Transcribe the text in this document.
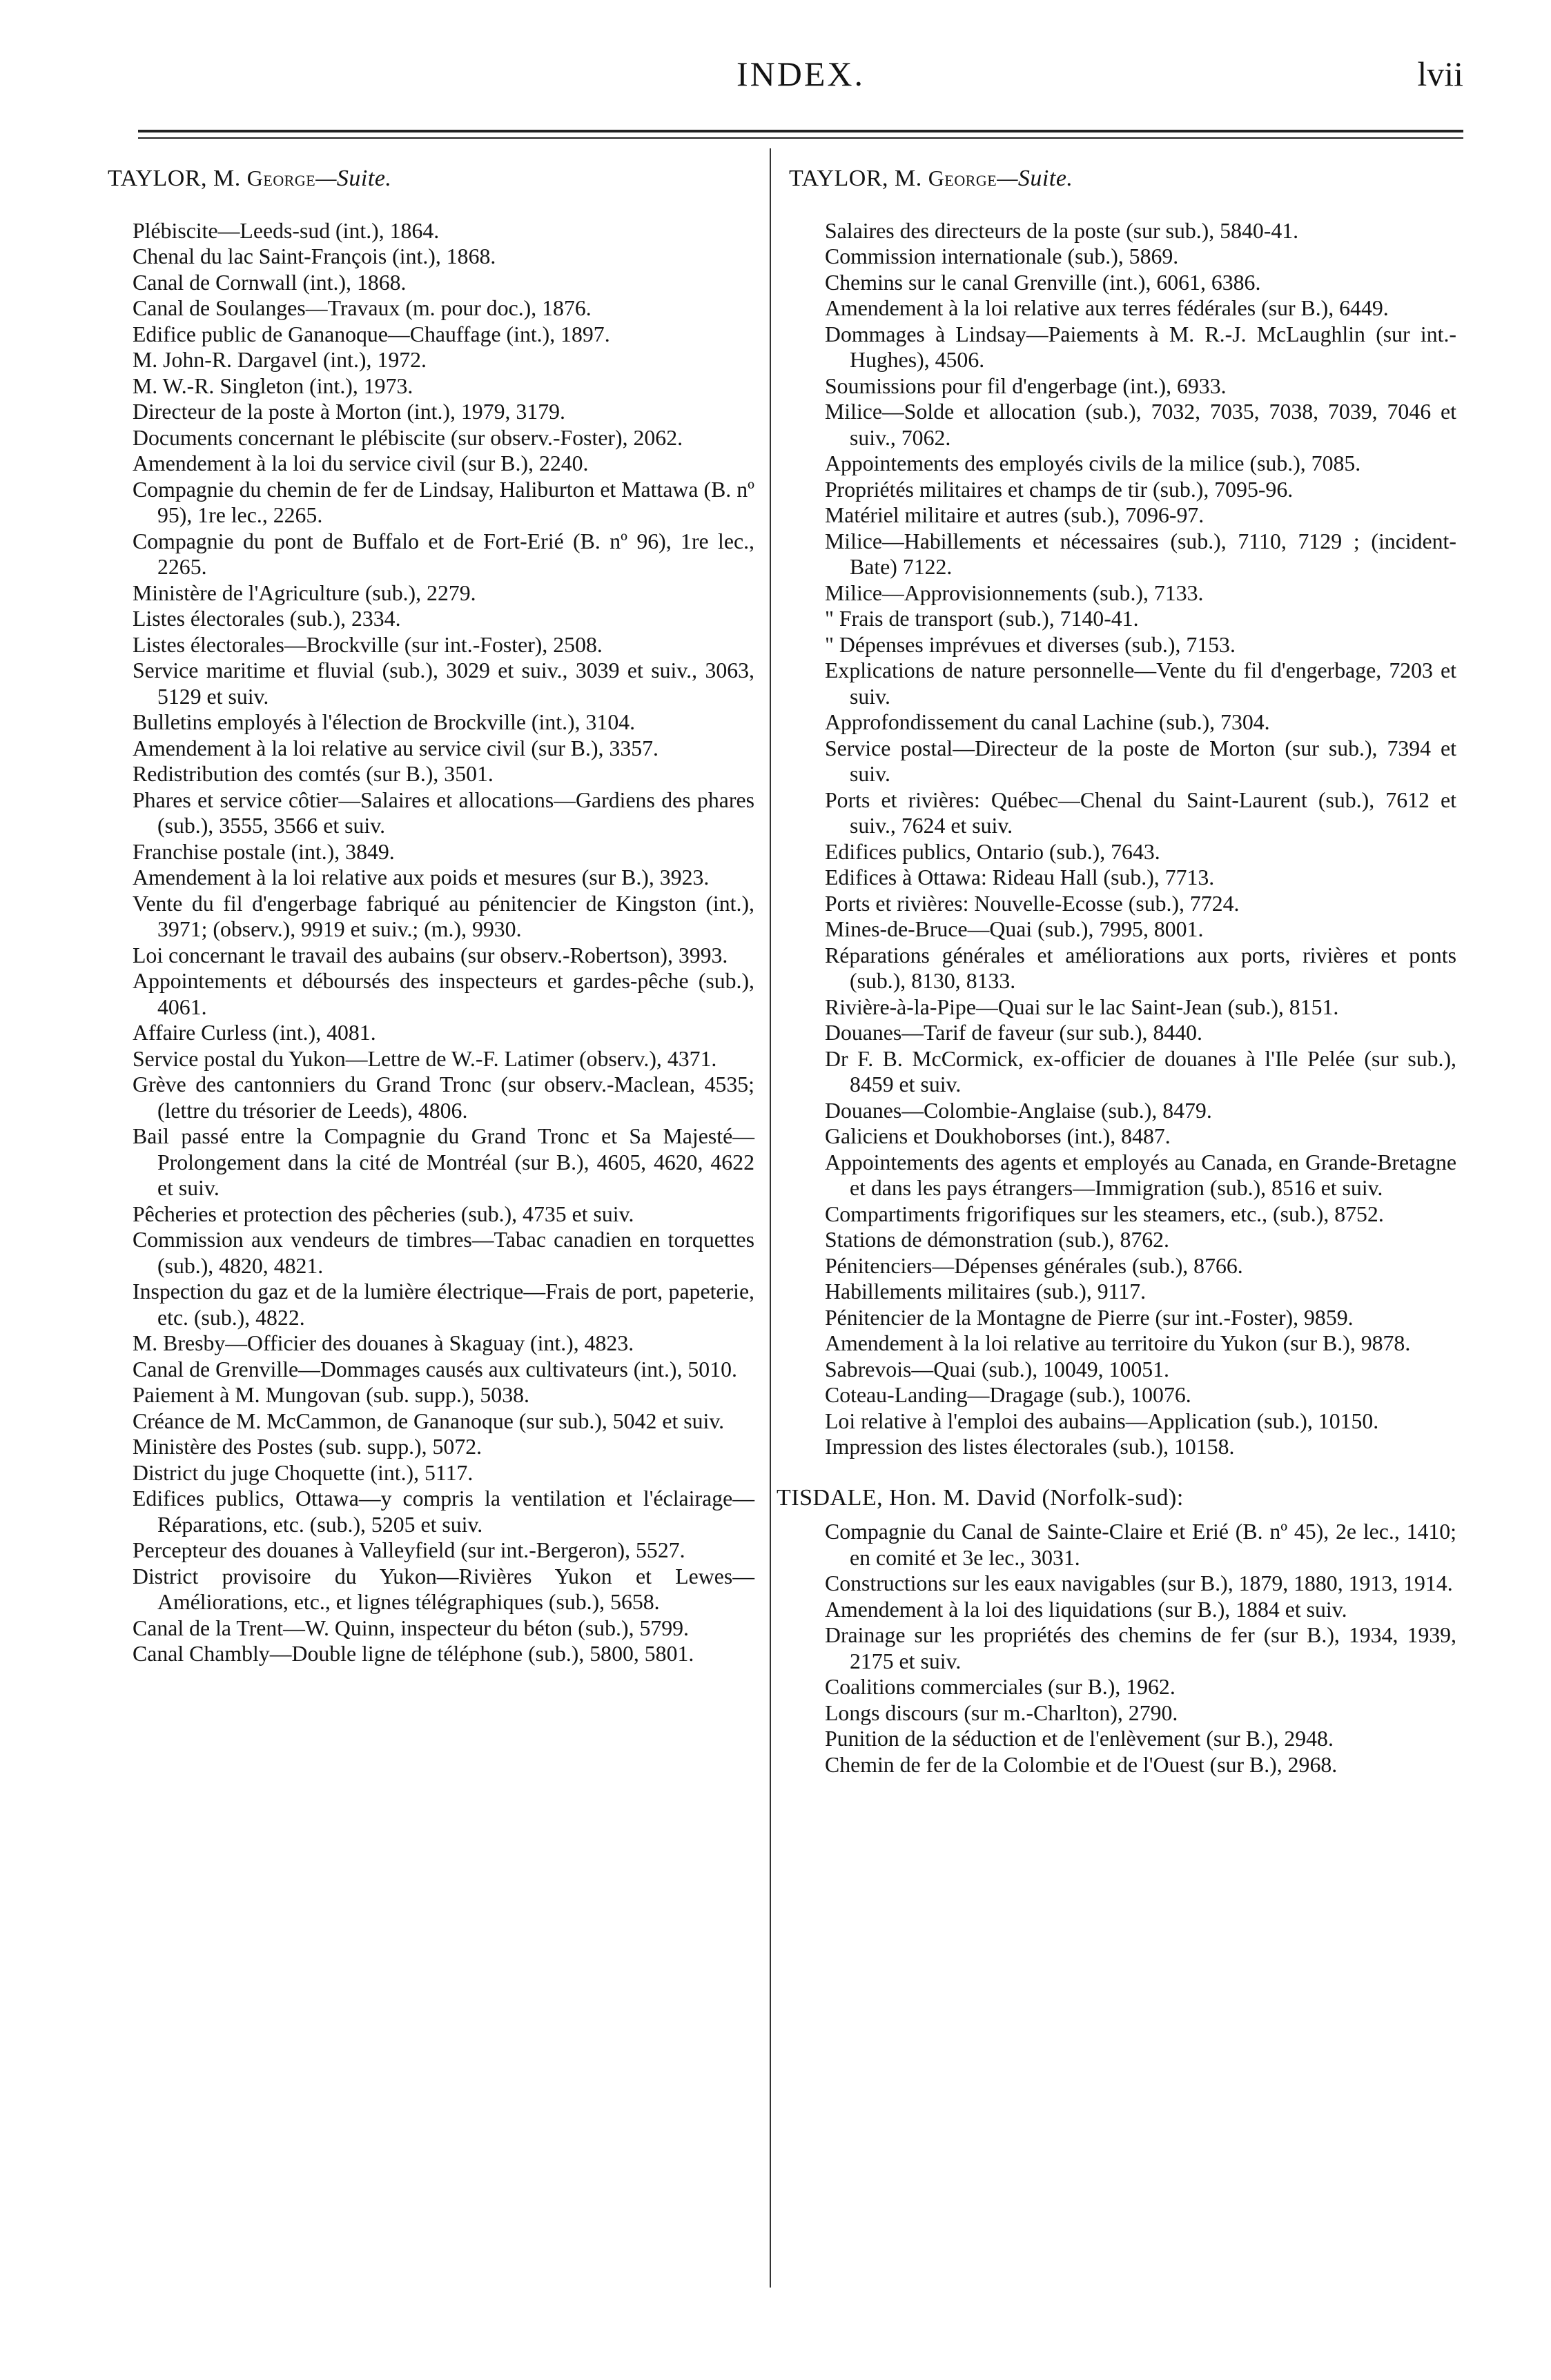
INDEX.	lvii
TAYLOR, M. George—Suite.

Plébiscite—Leeds-sud (int.), 1864.

Chenal du lac Saint-François (int.), 1868.

Canal de Cornwall (int.), 1868.

Canal de Soulanges—Travaux (m. pour doc.), 1876.

Edifice public de Gananoque—Chauffage (int.), 1897.

M. John-R. Dargavel (int.), 1972.

M. W.-R. Singleton (int.), 1973.

Directeur de la poste à Morton (int.), 1979, 3179.

Documents concernant le plébiscite (sur observ.-Foster), 2062.

Amendement à la loi du service civil (sur B.), 2240.

Compagnie du chemin de fer de Lindsay, Haliburton et Mattawa (B. nº 95), 1re lec., 2265.

Compagnie du pont de Buffalo et de Fort-Erié (B. nº 96), 1re lec., 2265.

Ministère de l'Agriculture (sub.), 2279.

Listes électorales (sub.), 2334.

Listes électorales—Brockville (sur int.-Foster), 2508.

Service maritime et fluvial (sub.), 3029 et suiv., 3039 et suiv., 3063, 5129 et suiv.

Bulletins employés à l'élection de Brockville (int.), 3104.

Amendement à la loi relative au service civil (sur B.), 3357.

Redistribution des comtés (sur B.), 3501.

Phares et service côtier—Salaires et allocations—Gardiens des phares (sub.), 3555, 3566 et suiv.

Franchise postale (int.), 3849.

Amendement à la loi relative aux poids et mesures (sur B.), 3923.

Vente du fil d'engerbage fabriqué au pénitencier de Kingston (int.), 3971; (observ.), 9919 et suiv.; (m.), 9930.

Loi concernant le travail des aubains (sur observ.-Robertson), 3993.

Appointements et déboursés des inspecteurs et gardes-pêche (sub.), 4061.

Affaire Curless (int.), 4081.

Service postal du Yukon—Lettre de W.-F. Latimer (observ.), 4371.

Grève des cantonniers du Grand Tronc (sur observ.-Maclean, 4535; (lettre du trésorier de Leeds), 4806.

Bail passé entre la Compagnie du Grand Tronc et Sa Majesté—Prolongement dans la cité de Montréal (sur B.), 4605, 4620, 4622 et suiv.

Pêcheries et protection des pêcheries (sub.), 4735 et suiv.

Commission aux vendeurs de timbres—Tabac canadien en torquettes (sub.), 4820, 4821.

Inspection du gaz et de la lumière électrique—Frais de port, papeterie, etc. (sub.), 4822.

M. Bresby—Officier des douanes à Skaguay (int.), 4823.

Canal de Grenville—Dommages causés aux cultivateurs (int.), 5010.

Paiement à M. Mungovan (sub. supp.), 5038.

Créance de M. McCammon, de Gananoque (sur sub.), 5042 et suiv.

Ministère des Postes (sub. supp.), 5072.

District du juge Choquette (int.), 5117.

Edifices publics, Ottawa—y compris la ventilation et l'éclairage—Réparations, etc. (sub.), 5205 et suiv.

Percepteur des douanes à Valleyfield (sur int.-Bergeron), 5527.

District provisoire du Yukon—Rivières Yukon et Lewes—Améliorations, etc., et lignes télégraphiques (sub.), 5658.

Canal de la Trent—W. Quinn, inspecteur du béton (sub.), 5799.

Canal Chambly—Double ligne de téléphone (sub.), 5800, 5801.

TAYLOR, M. George—Suite.

Salaires des directeurs de la poste (sur sub.), 5840-41.

Commission internationale (sub.), 5869.

Chemins sur le canal Grenville (int.), 6061, 6386.

Amendement à la loi relative aux terres fédérales (sur B.), 6449.

Dommages à Lindsay—Paiements à M. R.-J. McLaughlin (sur int.-Hughes), 4506.

Soumissions pour fil d'engerbage (int.), 6933.

Milice—Solde et allocation (sub.), 7032, 7035, 7038, 7039, 7046 et suiv., 7062.

Appointements des employés civils de la milice (sub.), 7085.

Propriétés militaires et champs de tir (sub.), 7095-96.

Matériel militaire et autres (sub.), 7096-97.

Milice—Habillements et nécessaires (sub.), 7110, 7129 ; (incident-Bate) 7122.

Milice—Approvisionnements (sub.), 7133.

" Frais de transport (sub.), 7140-41.

" Dépenses imprévues et diverses (sub.), 7153.

Explications de nature personnelle—Vente du fil d'engerbage, 7203 et suiv.

Approfondissement du canal Lachine (sub.), 7304.

Service postal—Directeur de la poste de Morton (sur sub.), 7394 et suiv.

Ports et rivières: Québec—Chenal du Saint-Laurent (sub.), 7612 et suiv., 7624 et suiv.

Edifices publics, Ontario (sub.), 7643.

Edifices à Ottawa: Rideau Hall (sub.), 7713.

Ports et rivières: Nouvelle-Ecosse (sub.), 7724.

Mines-de-Bruce—Quai (sub.), 7995, 8001.

Réparations générales et améliorations aux ports, rivières et ponts (sub.), 8130, 8133.

Rivière-à-la-Pipe—Quai sur le lac Saint-Jean (sub.), 8151.

Douanes—Tarif de faveur (sur sub.), 8440.

Dr F. B. McCormick, ex-officier de douanes à l'Ile Pelée (sur sub.), 8459 et suiv.

Douanes—Colombie-Anglaise (sub.), 8479.

Galiciens et Doukhoborses (int.), 8487.

Appointements des agents et employés au Canada, en Grande-Bretagne et dans les pays étrangers—Immigration (sub.), 8516 et suiv.

Compartiments frigorifiques sur les steamers, etc., (sub.), 8752.

Stations de démonstration (sub.), 8762.

Pénitenciers—Dépenses générales (sub.), 8766.

Habillements militaires (sub.), 9117.

Pénitencier de la Montagne de Pierre (sur int.-Foster), 9859.

Amendement à la loi relative au territoire du Yukon (sur B.), 9878.

Sabrevois—Quai (sub.), 10049, 10051.

Coteau-Landing—Dragage (sub.), 10076.

Loi relative à l'emploi des aubains—Application (sub.), 10150.

Impression des listes électorales (sub.), 10158.

TISDALE, Hon. M. David (Norfolk-sud):

Compagnie du Canal de Sainte-Claire et Erié (B. nº 45), 2e lec., 1410; en comité et 3e lec., 3031.

Constructions sur les eaux navigables (sur B.), 1879, 1880, 1913, 1914.

Amendement à la loi des liquidations (sur B.), 1884 et suiv.

Drainage sur les propriétés des chemins de fer (sur B.), 1934, 1939, 2175 et suiv.

Coalitions commerciales (sur B.), 1962.

Longs discours (sur m.-Charlton), 2790.

Punition de la séduction et de l'enlèvement (sur B.), 2948.

Chemin de fer de la Colombie et de l'Ouest (sur B.), 2968.
